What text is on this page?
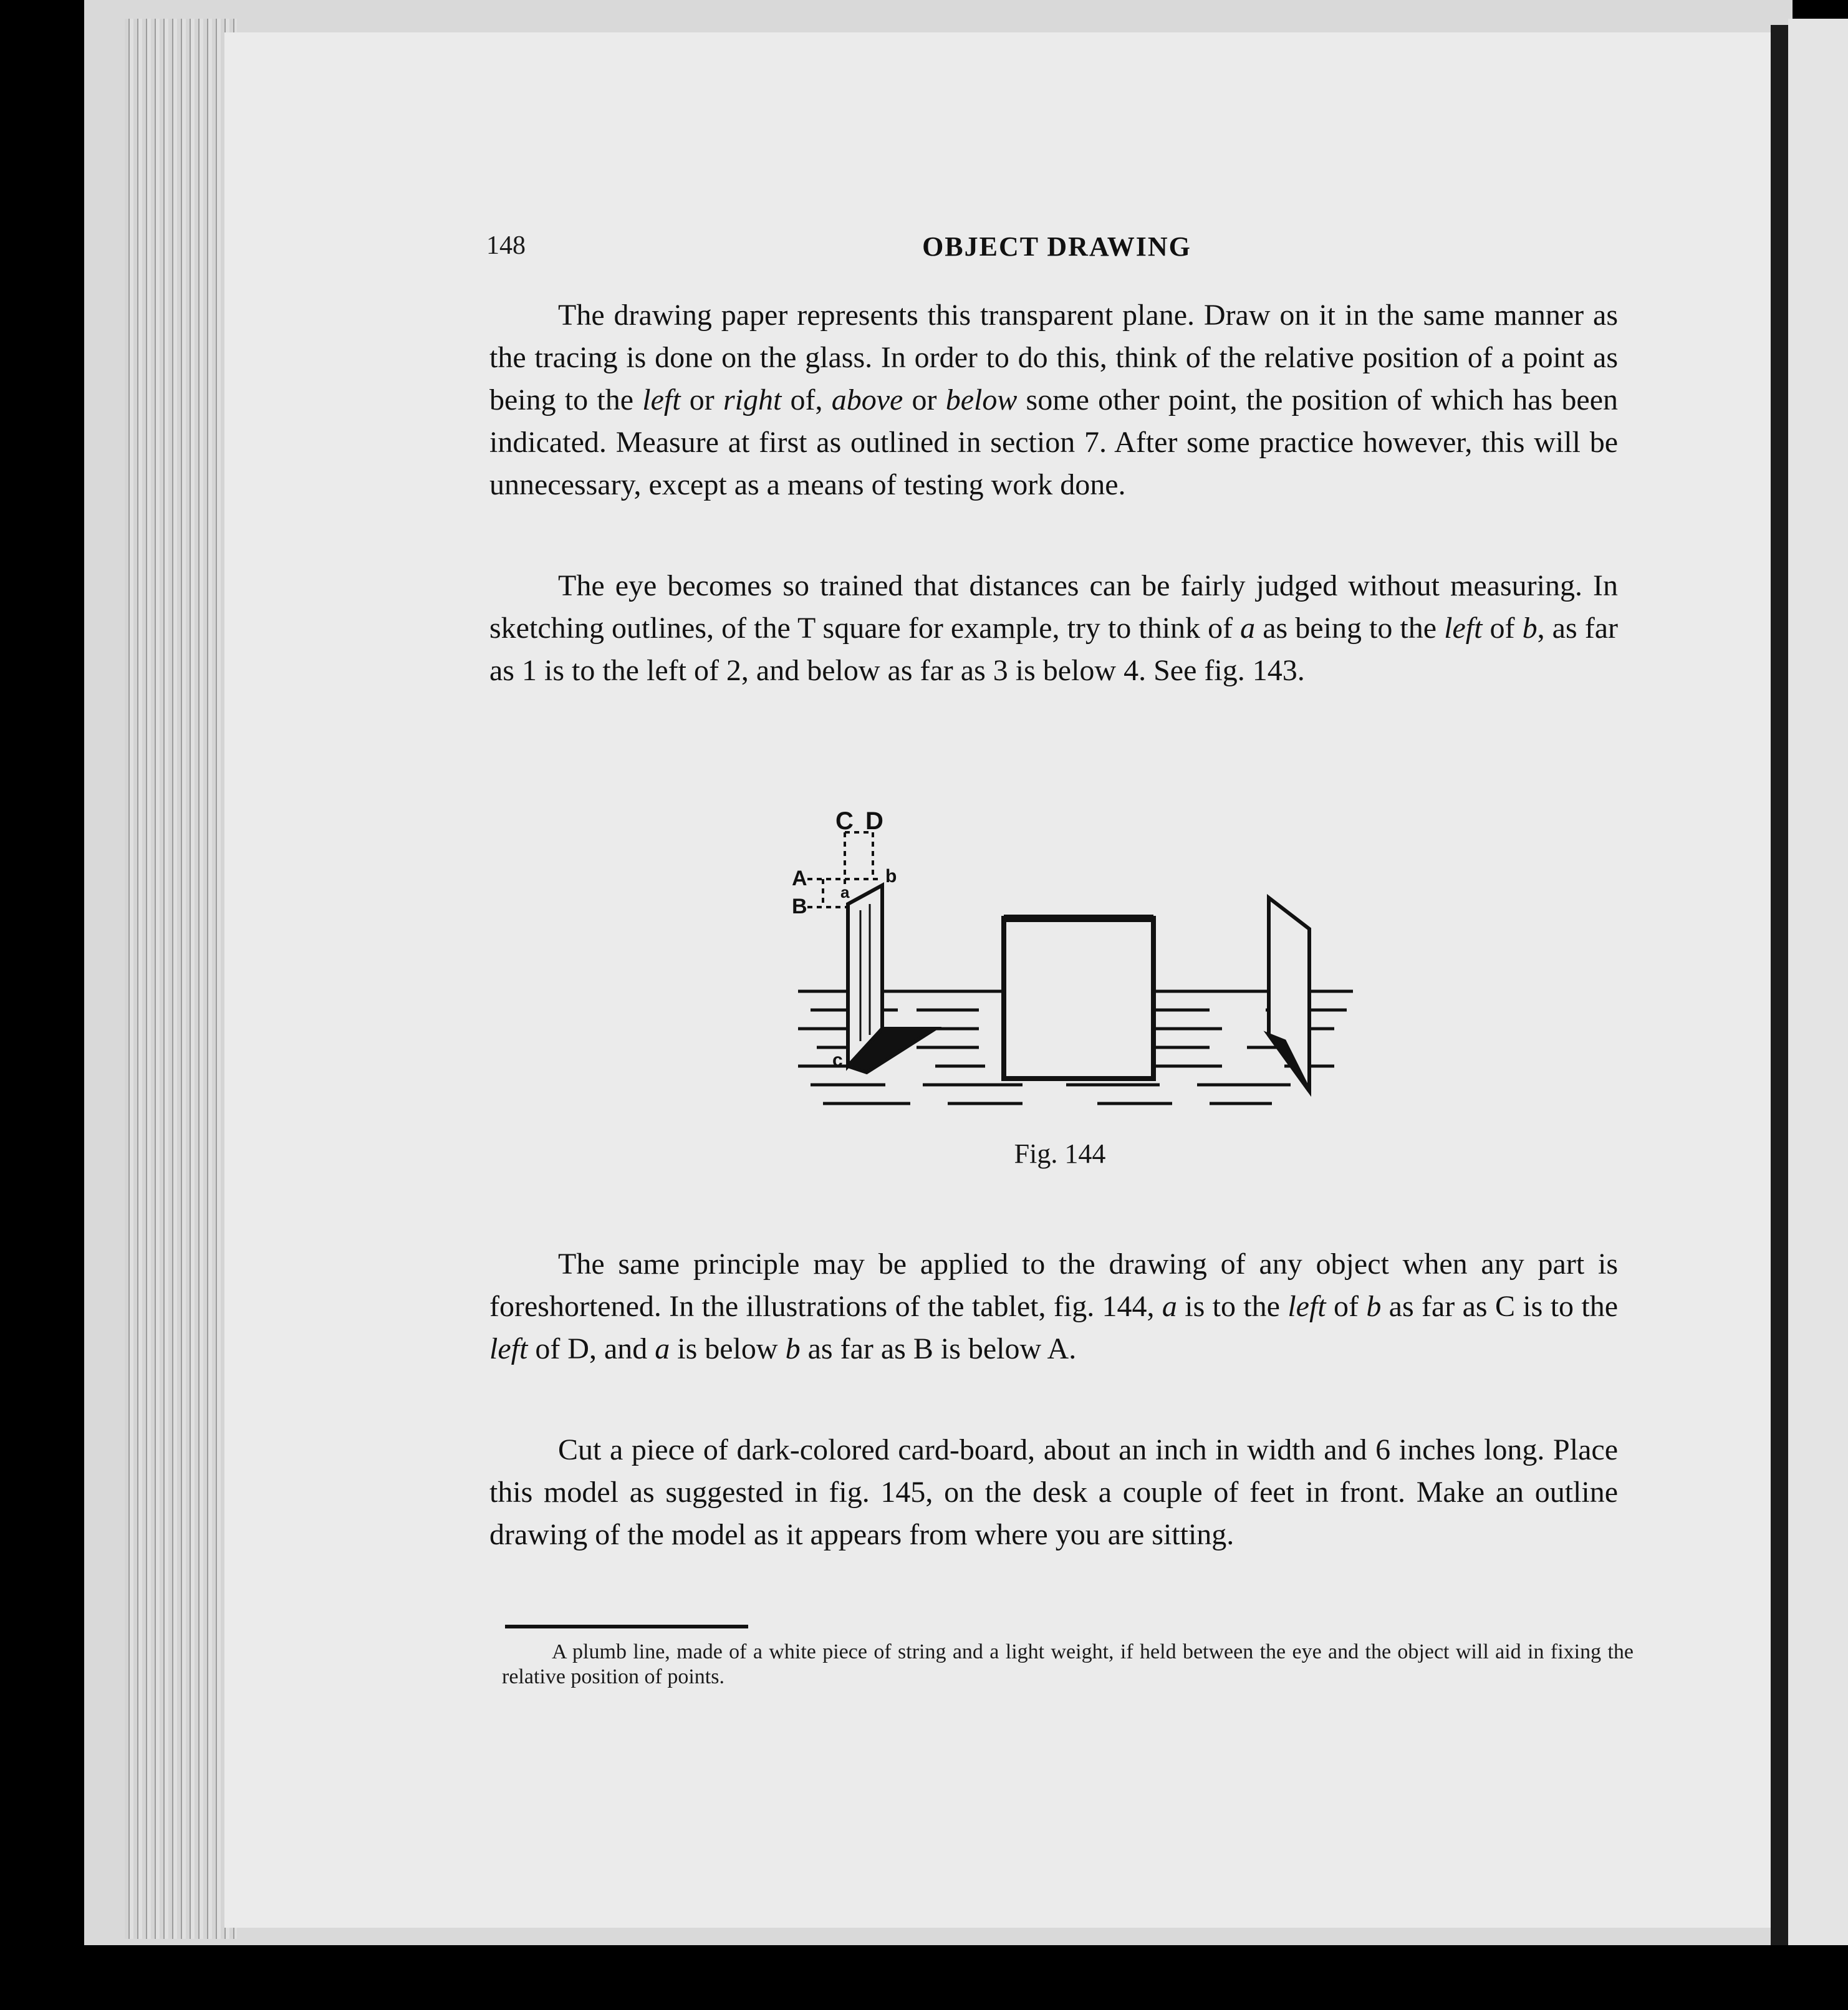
148	OBJECT DRAWING

The drawing paper represents this transparent plane. Draw on it in the same manner as the tracing is done on the glass. In order to do this, think of the relative position of a point as being to the left or right of, above or below some other point, the position of which has been indicated. Measure at first as outlined in section 7. After some practice however, this will be unnecessary, except as a means of testing work done.

The eye becomes so trained that distances can be fairly judged without measuring. In sketching outlines, of the T square for example, try to think of a as being to the left of b, as far as 1 is to the left of 2, and below as far as 3 is below 4. See fig. 143.

C D
A
B
a
b
c
Fig. 144

The same principle may be applied to the drawing of any object when any part is foreshortened. In the illustrations of the tablet, fig. 144, a is to the left of b as far as C is to the left of D, and a is below b as far as B is below A.

Cut a piece of dark-colored card-board, about an inch in width and 6 inches long. Place this model as suggested in fig. 145, on the desk a couple of feet in front. Make an outline drawing of the model as it appears from where you are sitting.

A plumb line, made of a white piece of string and a light weight, if held between the eye and the object will aid in fixing the relative position of points.
